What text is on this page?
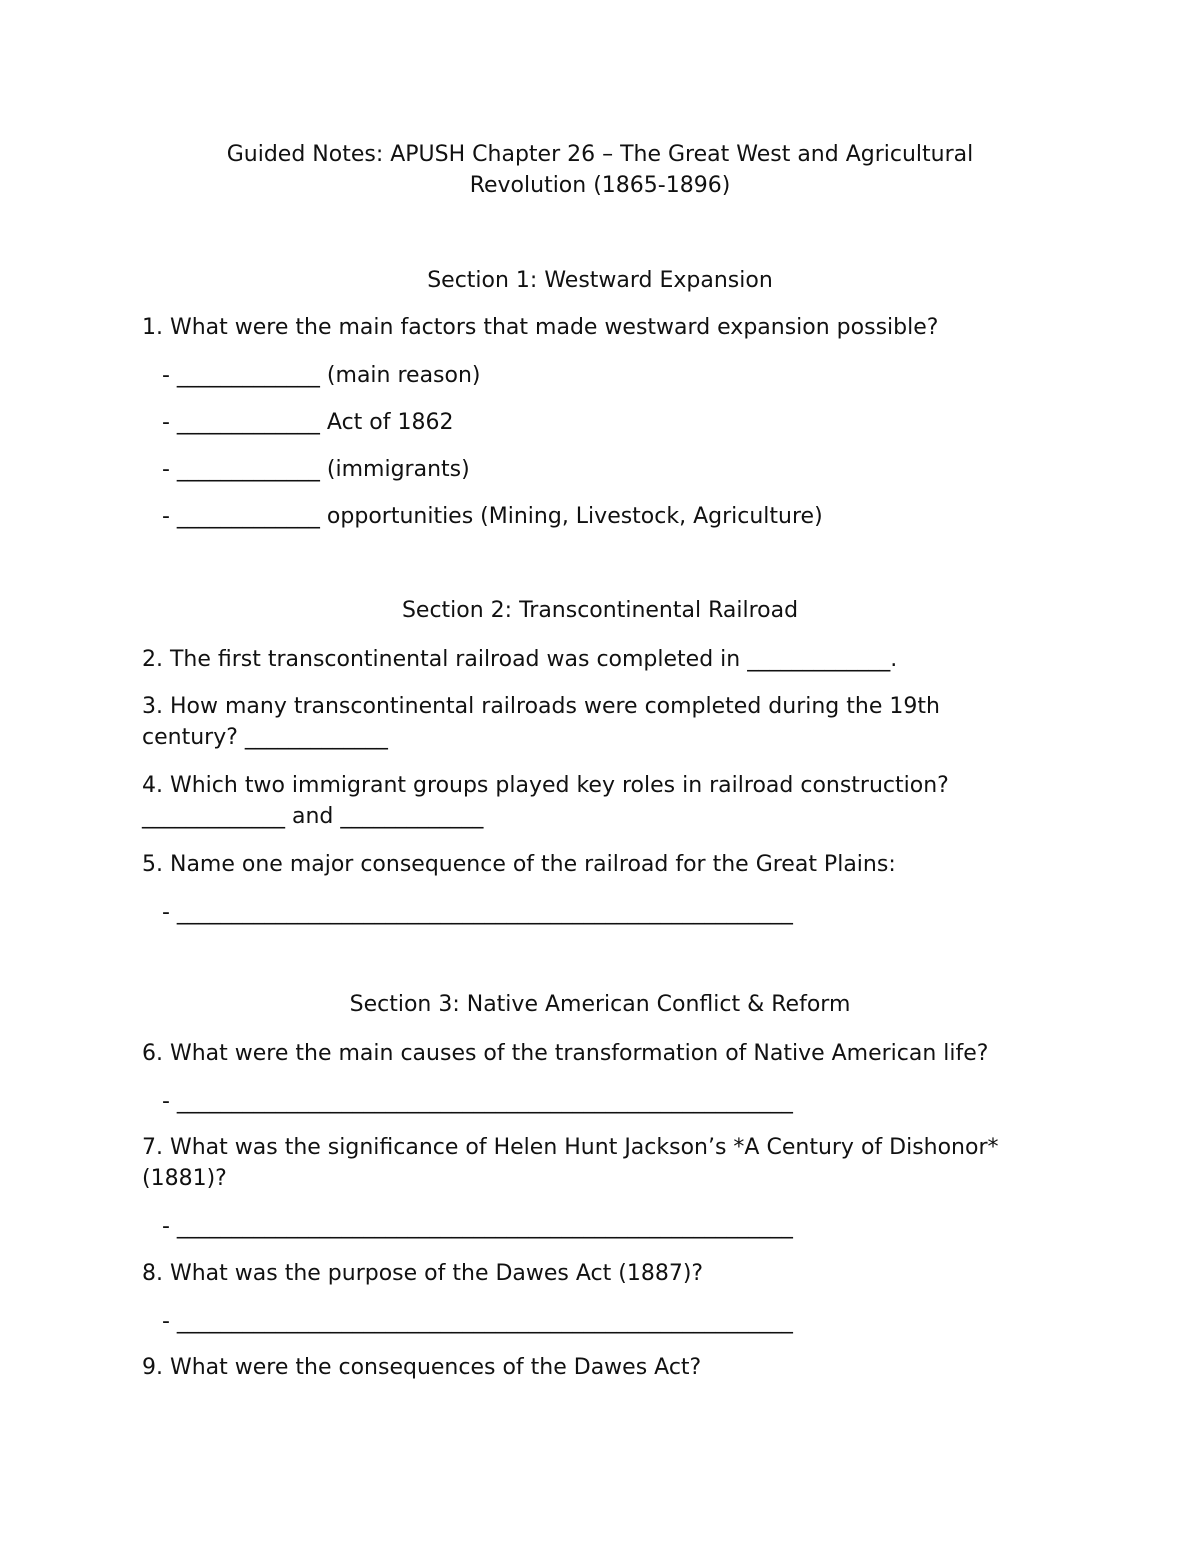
Guided Notes: APUSH Chapter 26 – The Great West and Agricultural

Revolution (1865-1896)

Section 1: Westward Expansion

1. What were the main factors that made westward expansion possible?

- _____________ (main reason)

- _____________ Act of 1862

- _____________ (immigrants)

- _____________ opportunities (Mining, Livestock, Agriculture)

Section 2: Transcontinental Railroad

2. The first transcontinental railroad was completed in _____________.

3. How many transcontinental railroads were completed during the 19th

century? _____________

4. Which two immigrant groups played key roles in railroad construction?

_____________ and _____________

5. Name one major consequence of the railroad for the Great Plains:

- ________________________________________________________

Section 3: Native American Conflict & Reform

6. What were the main causes of the transformation of Native American life?

- ________________________________________________________

7. What was the significance of Helen Hunt Jackson’s *A Century of Dishonor*

(1881)?

- ________________________________________________________

8. What was the purpose of the Dawes Act (1887)?

- ________________________________________________________

9. What were the consequences of the Dawes Act?
